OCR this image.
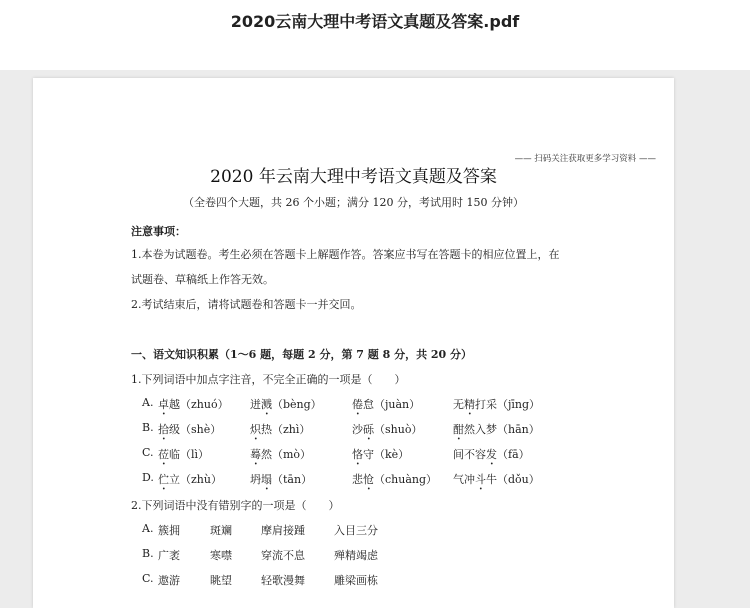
2020云南大理中考语文真题及答案.pdf
—— 扫码关注获取更多学习资料 ——
2020 年云南大理中考语文真题及答案
（全卷四个大题，共 26 个小题；满分 120 分，考试用时 150 分钟）
注意事项：
1.本卷为试题卷。考生必须在答题卡上解题作答。答案应书写在答题卡的相应位置上，在
试题卷、草稿纸上作答无效。
2.考试结束后，请将试题卷和答题卡一并交回。
一、语文知识积累（1～6 题，每题 2 分，第 7 题 8 分，共 20 分）
1.下列词语中加点字注音，不完全正确的一项是（　　）
A. 卓越（zhuó） 迸溅（bèng）	倦怠（juàn）	无精打采（jīng）
B. 拾级（shè）	炽热（zhì）	沙砾（shuò）	酣然入梦（hān）
C. 莅临（lì）	蓦然（mò）	恪守（kè）	间不容发（fā）
D. 伫立（zhù）	坍塌（tān）	悲怆（chuàng） 气冲斗牛（dǒu）
2.下列词语中没有错别字的一项是（　　）
A. 簇拥	斑斓	摩肩接踵	入目三分
B. 广袤	寒噤	穿流不息	殚精竭虑
C. 遨游	眺望	轻歌漫舞	雕梁画栋
